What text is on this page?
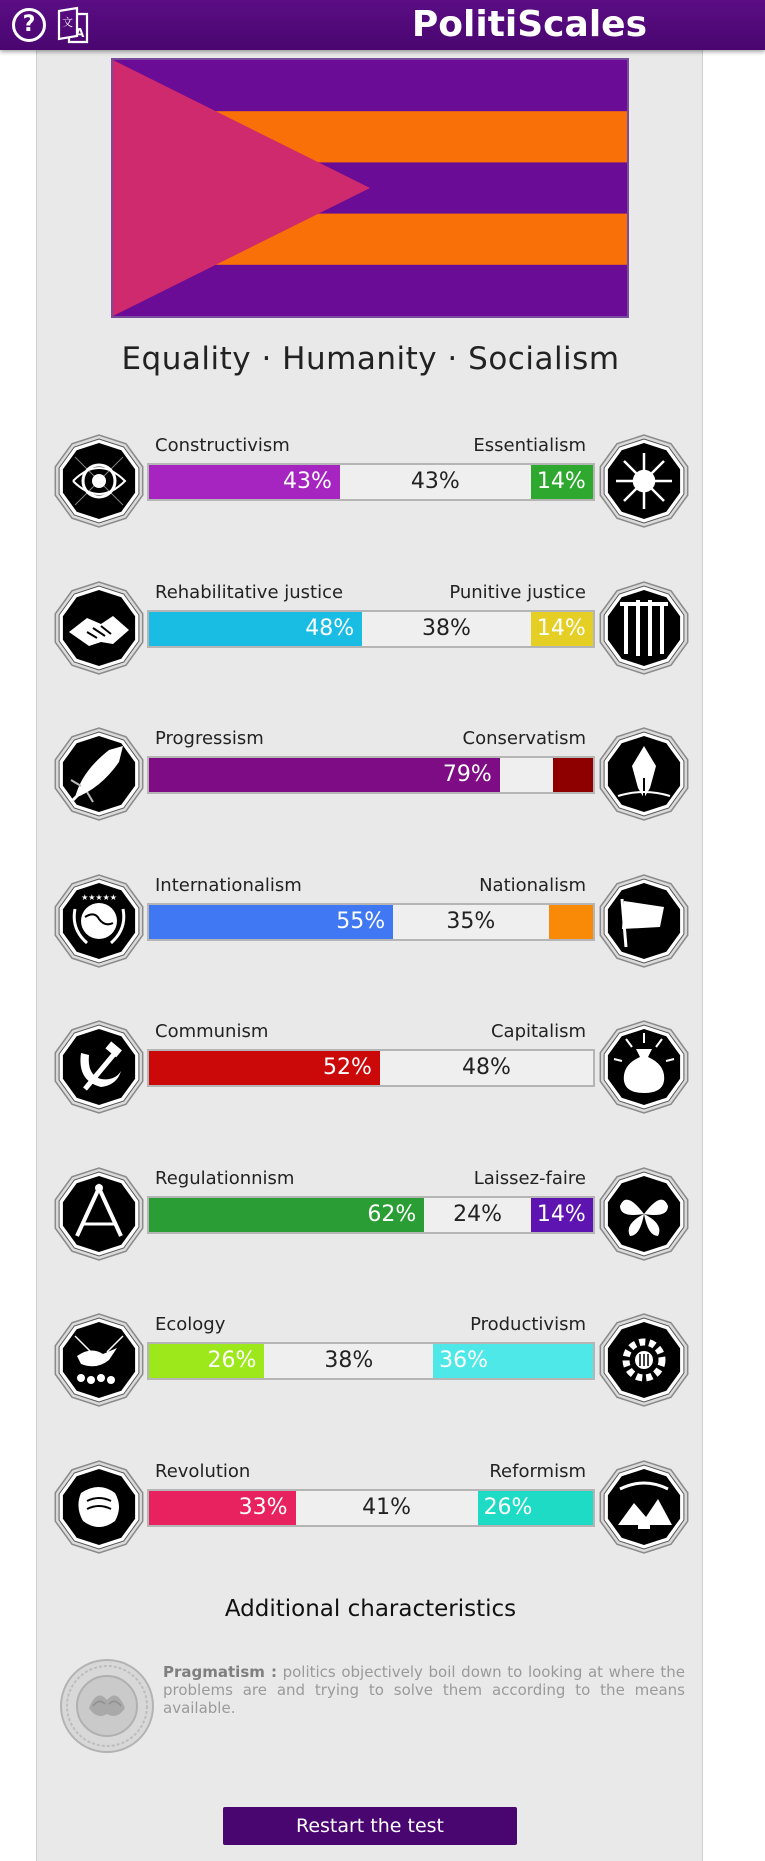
?	文
A	PolitiScales
Equality · Humanity · Socialism
Constructivism	Essentialism
43%	43%	14%
Rehabilitative justice	Punitive justice
48%	38%	14%
Progressism	Conservatism
79%
★★★★★
Internationalism	Nationalism
55%	35%
Communism	Capitalism
52%	48%
Regulationnism	Laissez-faire
62%	24%	14%
Ecology	Productivism
26%	38%	36%
Revolution	Reformism
33%	41%	26%
Additional characteristics
Pragmatism : politics objectively boil down to looking at where the problems are and trying to solve them according to the means available.
Restart the test
